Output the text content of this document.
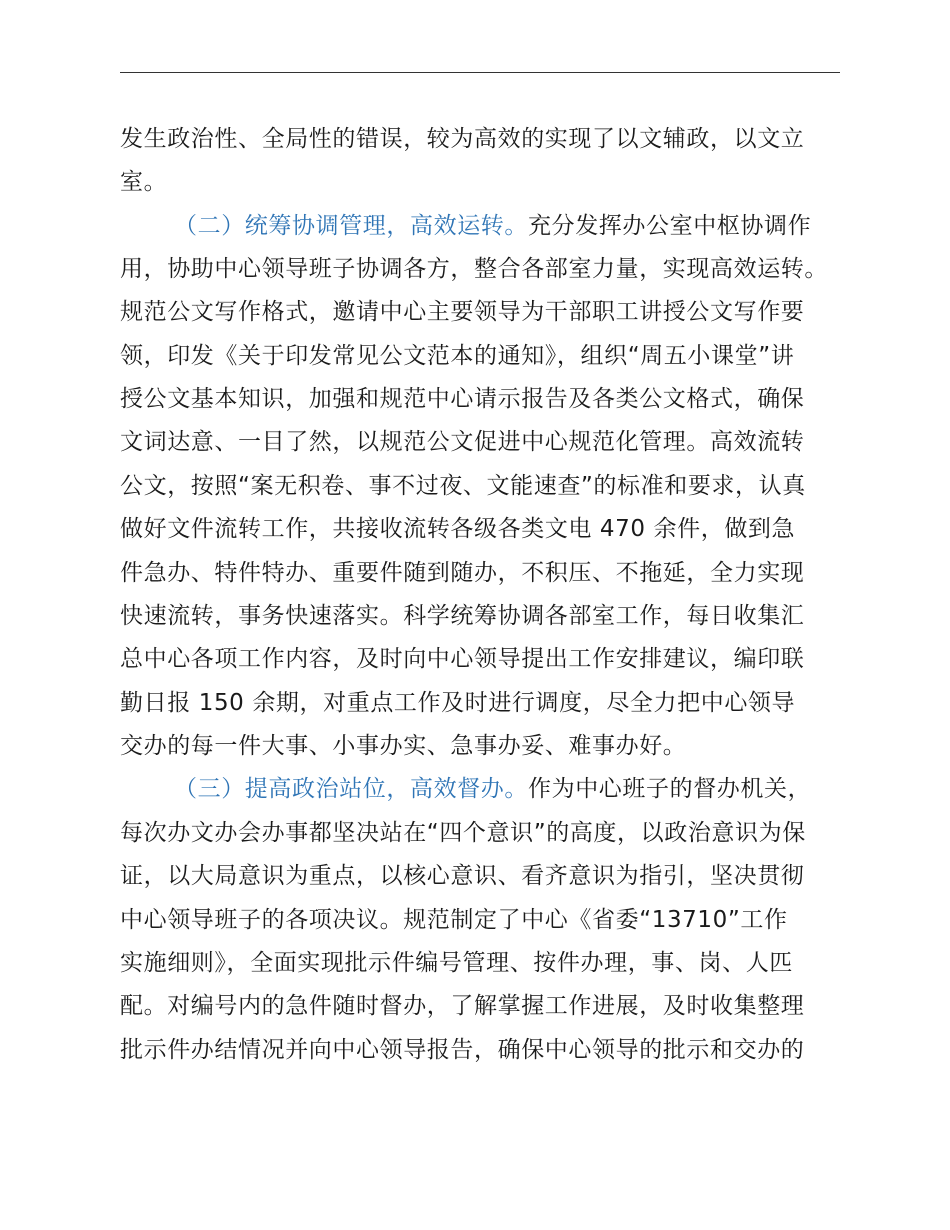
发生政治性、全局性的错误，较为高效的实现了以文辅政，以文立
室。
（二）统筹协调管理，高效运转。充分发挥办公室中枢协调作
用，协助中心领导班子协调各方，整合各部室力量，实现高效运转。
规范公文写作格式，邀请中心主要领导为干部职工讲授公文写作要
领，印发《关于印发常见公文范本的通知》，组织“周五小课堂”讲
授公文基本知识，加强和规范中心请示报告及各类公文格式，确保
文词达意、一目了然，以规范公文促进中心规范化管理。高效流转
公文，按照“案无积卷、事不过夜、文能速查”的标准和要求，认真
做好文件流转工作，共接收流转各级各类文电 470 余件，做到急
件急办、特件特办、重要件随到随办，不积压、不拖延，全力实现
快速流转，事务快速落实。科学统筹协调各部室工作，每日收集汇
总中心各项工作内容，及时向中心领导提出工作安排建议，编印联
勤日报 150 余期，对重点工作及时进行调度，尽全力把中心领导
交办的每一件大事、小事办实、急事办妥、难事办好。
（三）提高政治站位，高效督办。作为中心班子的督办机关，
每次办文办会办事都坚决站在“四个意识”的高度，以政治意识为保
证，以大局意识为重点，以核心意识、看齐意识为指引，坚决贯彻
中心领导班子的各项决议。规范制定了中心《省委“13710”工作
实施细则》，全面实现批示件编号管理、按件办理，事、岗、人匹
配。对编号内的急件随时督办，了解掌握工作进展，及时收集整理
批示件办结情况并向中心领导报告，确保中心领导的批示和交办的
